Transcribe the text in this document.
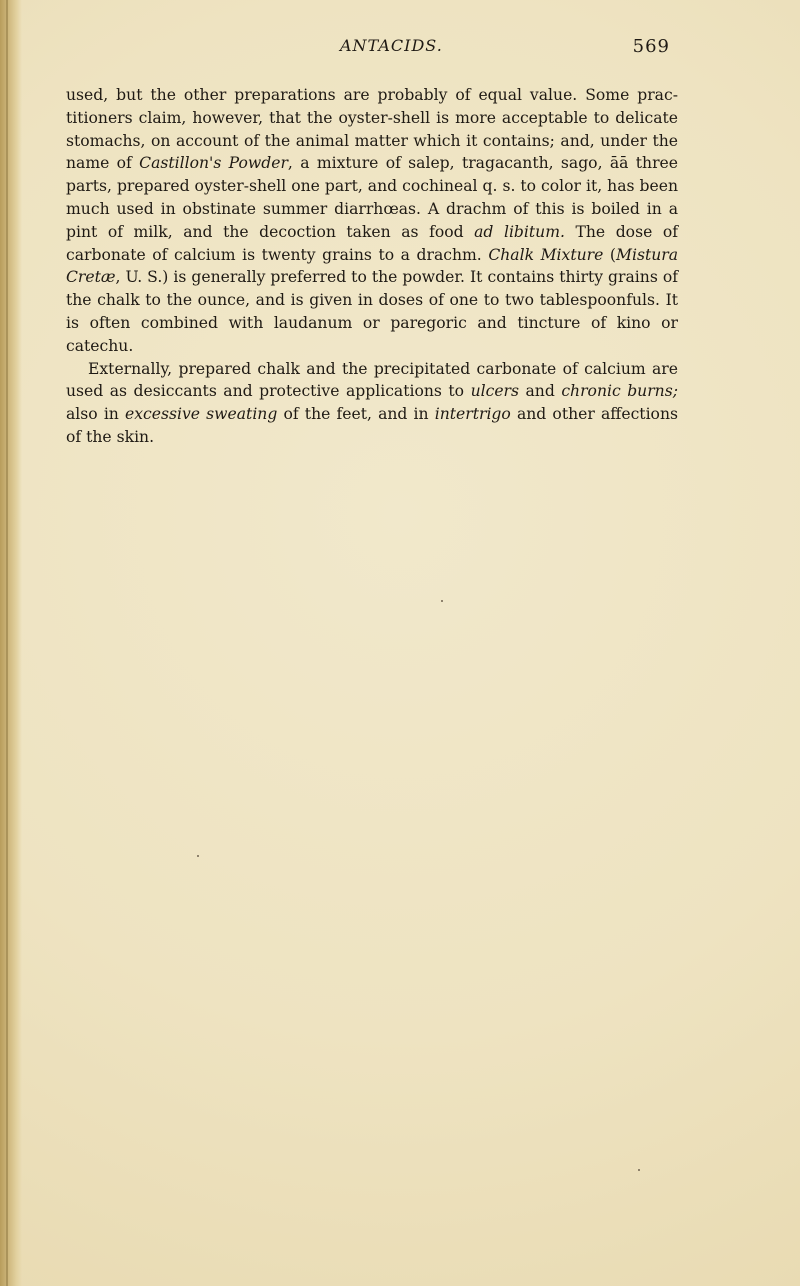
ANTACIDS.	569

used, but the other preparations are probably of equal value. Some practitioners claim, however, that the oyster-shell is more acceptable to delicate stomachs, on account of the animal matter which it contains; and, under the name of Castillon's Powder, a mixture of salep, tragacanth, sago, āā three parts, prepared oyster-shell one part, and cochineal q. s. to color it, has been much used in obstinate summer diarrhœas. A drachm of this is boiled in a pint of milk, and the decoction taken as food ad libitum. The dose of carbonate of calcium is twenty grains to a drachm. Chalk Mixture (Mistura Cretæ, U. S.) is generally preferred to the powder. It contains thirty grains of the chalk to the ounce, and is given in doses of one to two tablespoonfuls. It is often combined with laudanum or paregoric and tincture of kino or catechu.

Externally, prepared chalk and the precipitated carbonate of calcium are used as desiccants and protective applications to ulcers and chronic burns; also in excessive sweating of the feet, and in intertrigo and other affections of the skin.
